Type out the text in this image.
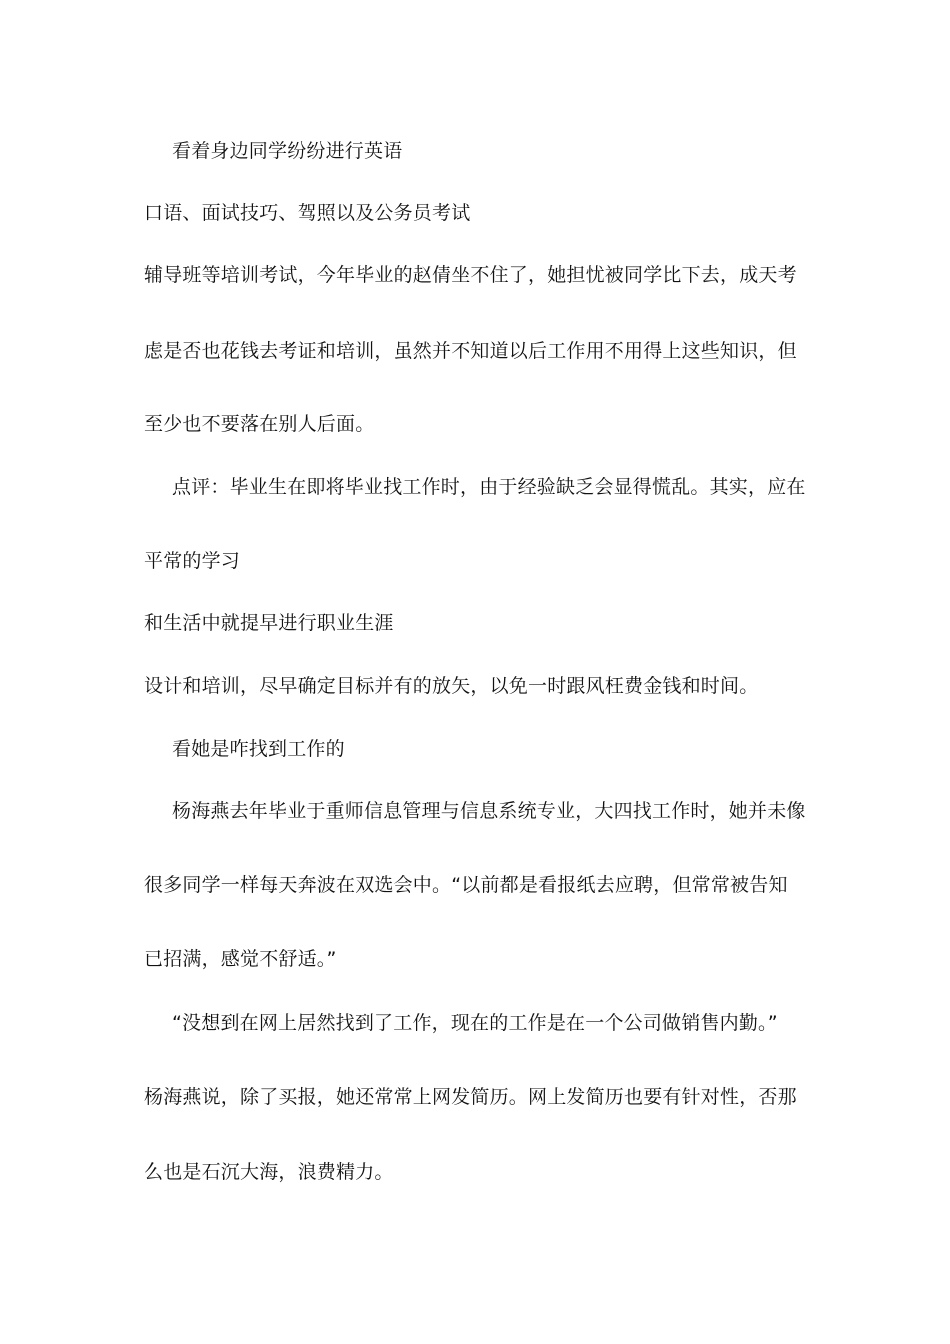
看着身边同学纷纷进行英语
口语、面试技巧、驾照以及公务员考试
辅导班等培训考试，今年毕业的赵倩坐不住了，她担忧被同学比下去，成天考
虑是否也花钱去考证和培训，虽然并不知道以后工作用不用得上这些知识，但
至少也不要落在别人后面。
点评：毕业生在即将毕业找工作时，由于经验缺乏会显得慌乱。其实，应在
平常的学习
和生活中就提早进行职业生涯
设计和培训，尽早确定目标并有的放矢，以免一时跟风枉费金钱和时间。
看她是咋找到工作的
杨海燕去年毕业于重师信息管理与信息系统专业，大四找工作时，她并未像
很多同学一样每天奔波在双选会中。“以前都是看报纸去应聘，但常常被告知
已招满，感觉不舒适。”
“没想到在网上居然找到了工作，现在的工作是在一个公司做销售内勤。”
杨海燕说，除了买报，她还常常上网发简历。网上发简历也要有针对性，否那
么也是石沉大海，浪费精力。
